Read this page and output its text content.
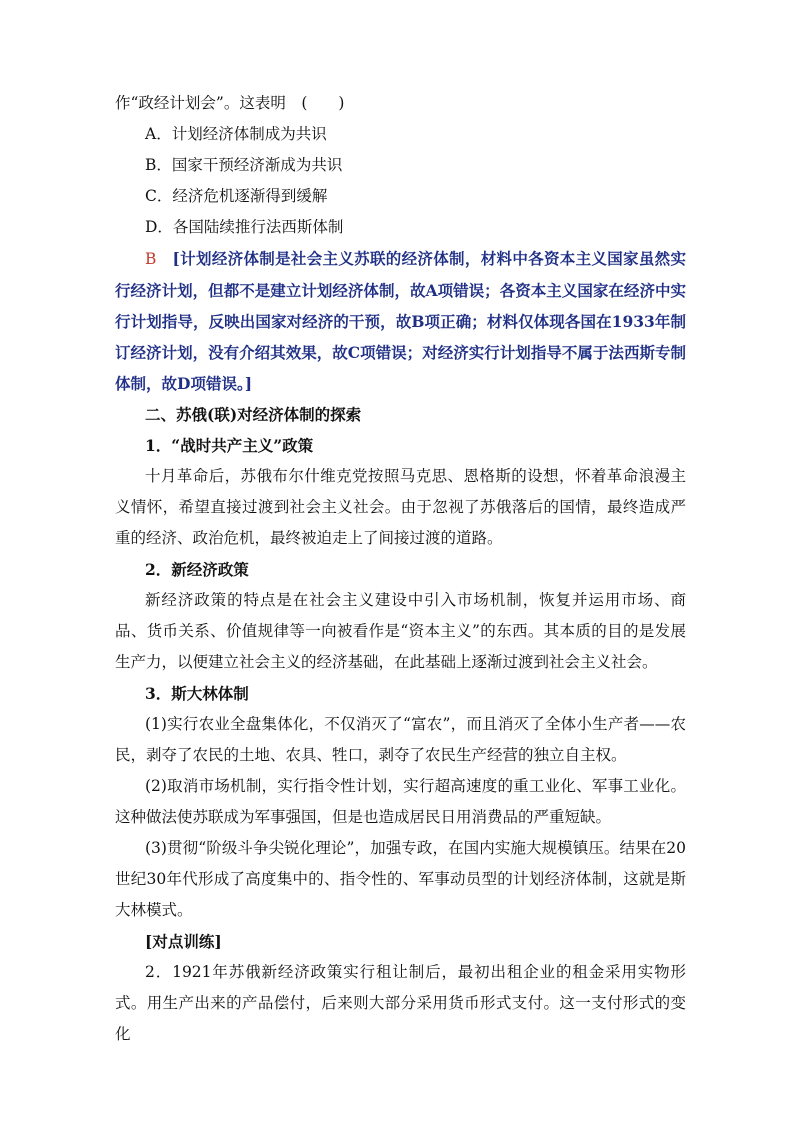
作“政经计划会”。这表明　(　　)
A．计划经济体制成为共识
B．国家干预经济渐成为共识
C．经济危机逐渐得到缓解
D．各国陆续推行法西斯体制

B　 [计划经济体制是社会主义苏联的经济体制，材料中各资本主义国家虽然实行经济计划，但都不是建立计划经济体制，故A项错误；各资本主义国家在经济中实行计划指导，反映出国家对经济的干预，故B项正确；材料仅体现各国在1933年制订经济计划，没有介绍其效果，故C项错误；对经济实行计划指导不属于法西斯专制体制，故D项错误。]

二、苏俄(联)对经济体制的探索
1．“战时共产主义”政策

十月革命后，苏俄布尔什维克党按照马克思、恩格斯的设想，怀着革命浪漫主义情怀，希望直接过渡到社会主义社会。由于忽视了苏俄落后的国情，最终造成严重的经济、政治危机，最终被迫走上了间接过渡的道路。

2．新经济政策

新经济政策的特点是在社会主义建设中引入市场机制，恢复并运用市场、商品、货币关系、价值规律等一向被看作是“资本主义”的东西。其本质的目的是发展生产力，以便建立社会主义的经济基础，在此基础上逐渐过渡到社会主义社会。

3．斯大林体制

(1)实行农业全盘集体化，不仅消灭了“富农”，而且消灭了全体小生产者——农民，剥夺了农民的土地、农具、牲口，剥夺了农民生产经营的独立自主权。

(2)取消市场机制，实行指令性计划，实行超高速度的重工业化、军事工业化。这种做法使苏联成为军事强国，但是也造成居民日用消费品的严重短缺。

(3)贯彻“阶级斗争尖锐化理论”，加强专政，在国内实施大规模镇压。结果在20世纪30年代形成了高度集中的、指令性的、军事动员型的计划经济体制，这就是斯大林模式。

[对点训练]

2．1921年苏俄新经济政策实行租让制后，最初出租企业的租金采用实物形式。用生产出来的产品偿付，后来则大部分采用货币形式支付。这一支付形式的变化
